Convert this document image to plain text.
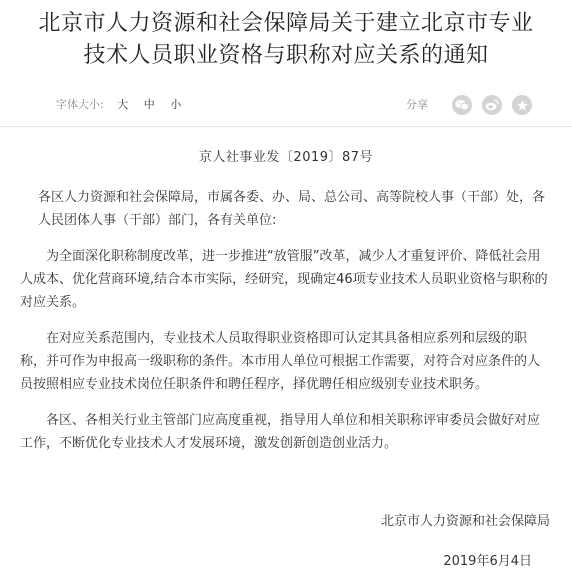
北京市人力资源和社会保障局关于建立北京市专业
技术人员职业资格与职称对应关系的通知
字体大小: 大 中 小	分享
京人社事业发〔2019〕87号

各区人力资源和社会保障局，市属各委、办、局、总公司、高等院校人事（干部）处，各人民团体人事（干部）部门，各有关单位:

为全面深化职称制度改革，进一步推进“放管服”改革，减少人才重复评价、降低社会用人成本、优化营商环境,结合本市实际，经研究，现确定46项专业技术人员职业资格与职称的对应关系。

在对应关系范围内，专业技术人员取得职业资格即可认定其具备相应系列和层级的职称，并可作为申报高一级职称的条件。本市用人单位可根据工作需要，对符合对应条件的人员按照相应专业技术岗位任职条件和聘任程序，择优聘任相应级别专业技术职务。

各区、各相关行业主管部门应高度重视，指导用人单位和相关职称评审委员会做好对应工作，不断优化专业技术人才发展环境，激发创新创造创业活力。

北京市人力资源和社会保障局
2019年6月4日
